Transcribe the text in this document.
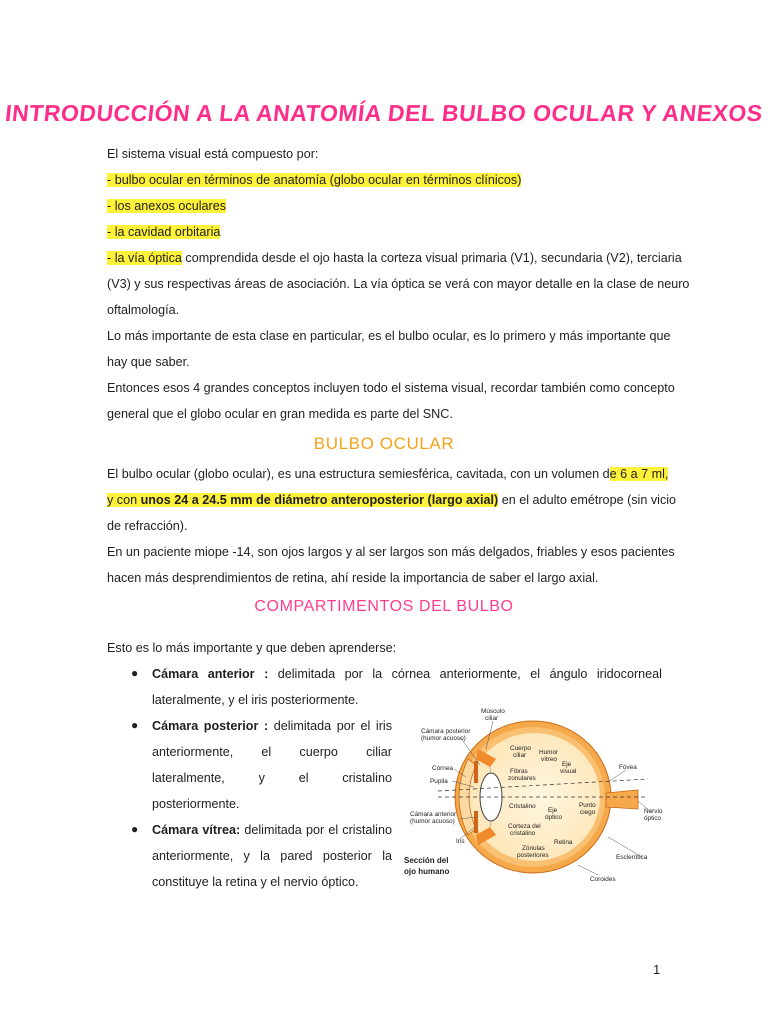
INTRODUCCIÓN A LA ANATOMÍA DEL BULBO OCULAR Y ANEXOS
El sistema visual está compuesto por:
- bulbo ocular en términos de anatomía (globo ocular en términos clínicos)
- los anexos oculares
- la cavidad orbitaria
- la vía óptica comprendida desde el ojo hasta la corteza visual primaria (V1), secundaria (V2), terciaria
(V3) y sus respectivas áreas de asociación. La vía óptica se verá con mayor detalle en la clase de neuro
oftalmología.
Lo más importante de esta clase en particular, es el bulbo ocular, es lo primero y más importante que
hay que saber.
Entonces esos 4 grandes conceptos incluyen todo el sistema visual, recordar también como concepto
general que el globo ocular en gran medida es parte del SNC.
BULBO OCULAR
El bulbo ocular (globo ocular), es una estructura semiesférica, cavitada, con un volumen de 6 a 7 ml,
y con unos 24 a 24.5 mm de diámetro anteroposterior (largo axial) en el adulto emétrope (sin vicio
de refracción).
En un paciente miope -14, son ojos largos y al ser largos son más delgados, friables y esos pacientes
hacen más desprendimientos de retina, ahí reside la importancia de saber el largo axial.
COMPARTIMENTOS DEL BULBO
Esto es lo más importante y que deben aprenderse:
● Cámara anterior : delimitada por la córnea anteriormente, el ángulo iridocorneal
lateralmente, y el iris posteriormente.
● Cámara posterior : delimitada por el iris
anteriormente,    el    cuerpo    ciliar
lateralmente,    y    el    cristalino
posteriormente.
● Cámara vítrea: delimitada por el cristalino
anteriormente, y la pared posterior la
constituye la retina y el nervio óptico.
Músculo
ciliar
Cámara posterior
(humor acuoso)
Cuerpo
ciliar Humor
vítreo
Córnea	Fibras
zonulares
Eje
visual
Fóvea
Pupila
Cristalino
Eje
óptico
Punto
ciego	Nervio
óptico
Cámara anterior
(humor acuoso)
Corteza del
cristalino
Iris	Retina
Zónulas
posteriores	Esclerótica
Coroides
Sección del
ojo humano
1
